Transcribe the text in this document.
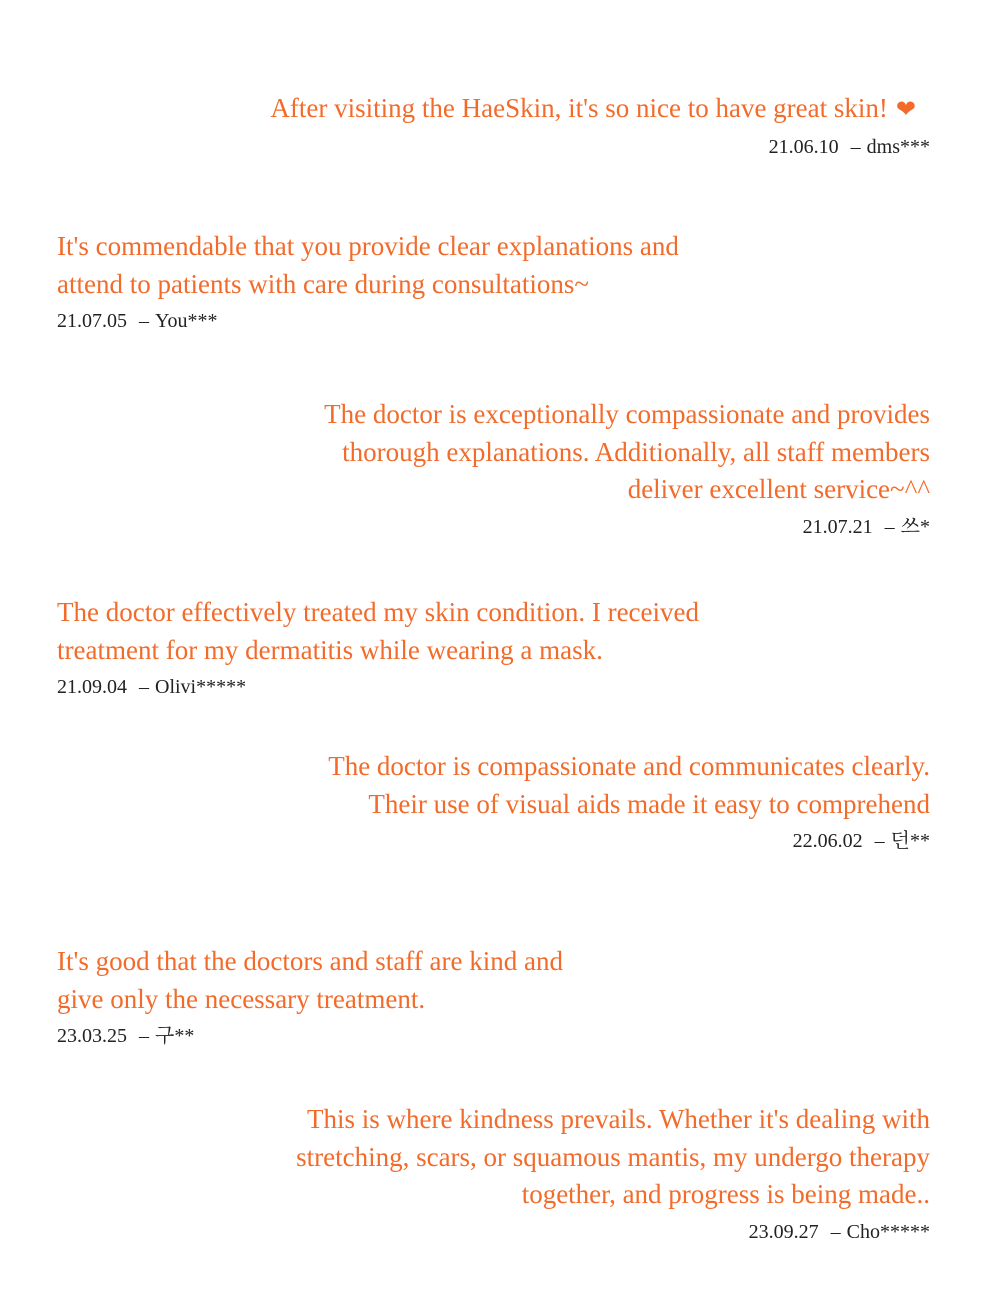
After visiting the HaeSkin, it's so nice to have great skin! ❤

21.06.10 – dms***

It's commendable that you provide clear explanations and
attend to patients with care during consultations~

21.07.05 – You***

The doctor is exceptionally compassionate and provides
thorough explanations. Additionally, all staff members
deliver excellent service~^^

21.07.21 – 쓰*

The doctor effectively treated my skin condition. I received
treatment for my dermatitis while wearing a mask.

21.09.04 – Olivi*****

The doctor is compassionate and communicates clearly.
Their use of visual aids made it easy to comprehend

22.06.02 – 던**

It's good that the doctors and staff are kind and
give only the necessary treatment.

23.03.25 – 구**

This is where kindness prevails. Whether it's dealing with
stretching, scars, or squamous mantis, my undergo therapy
together, and progress is being made..

23.09.27 – Cho*****
